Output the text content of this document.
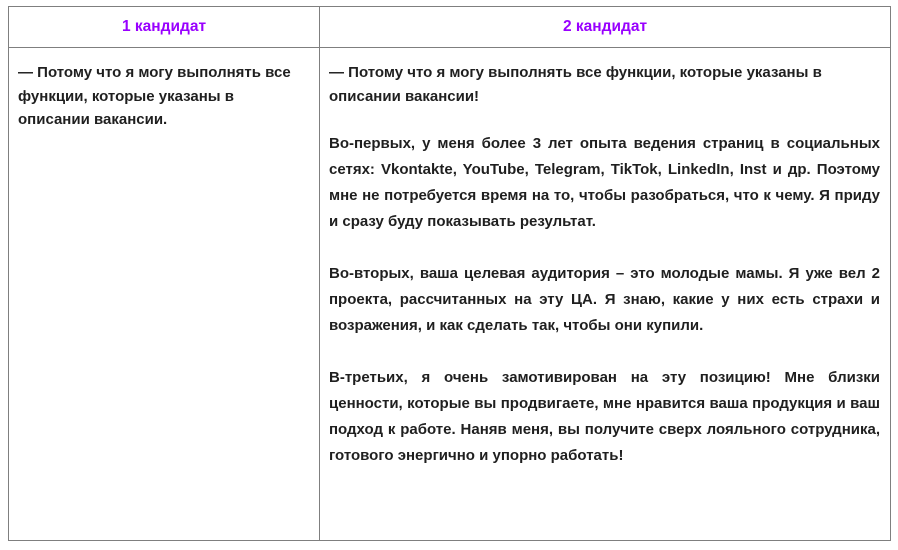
1 кандидат	2 кандидат

— Потому что я могу выполнять все функции, которые указаны в описании вакансии.	— Потому что я могу выполнять все функции, которые указаны в описании вакансии!
Во-первых, у меня более 3 лет опыта ведения страниц в социальных сетях: Vkontakte, YouTube, Telegram, TikTok, LinkedIn, Inst и др. Поэтому мне не потребуется время на то, чтобы разобраться, что к чему. Я приду и сразу буду показывать результат.
Во-вторых, ваша целевая аудитория – это молодые мамы. Я уже вел 2 проекта, рассчитанных на эту ЦА. Я знаю, какие у них есть страхи и возражения, и как сделать так, чтобы они купили.
В-третьих, я очень замотивирован на эту позицию! Мне близки ценности, которые вы продвигаете, мне нравится ваша продукция и ваш подход к работе. Наняв меня, вы получите сверх лояльного сотрудника, готового энергично и упорно работать!
